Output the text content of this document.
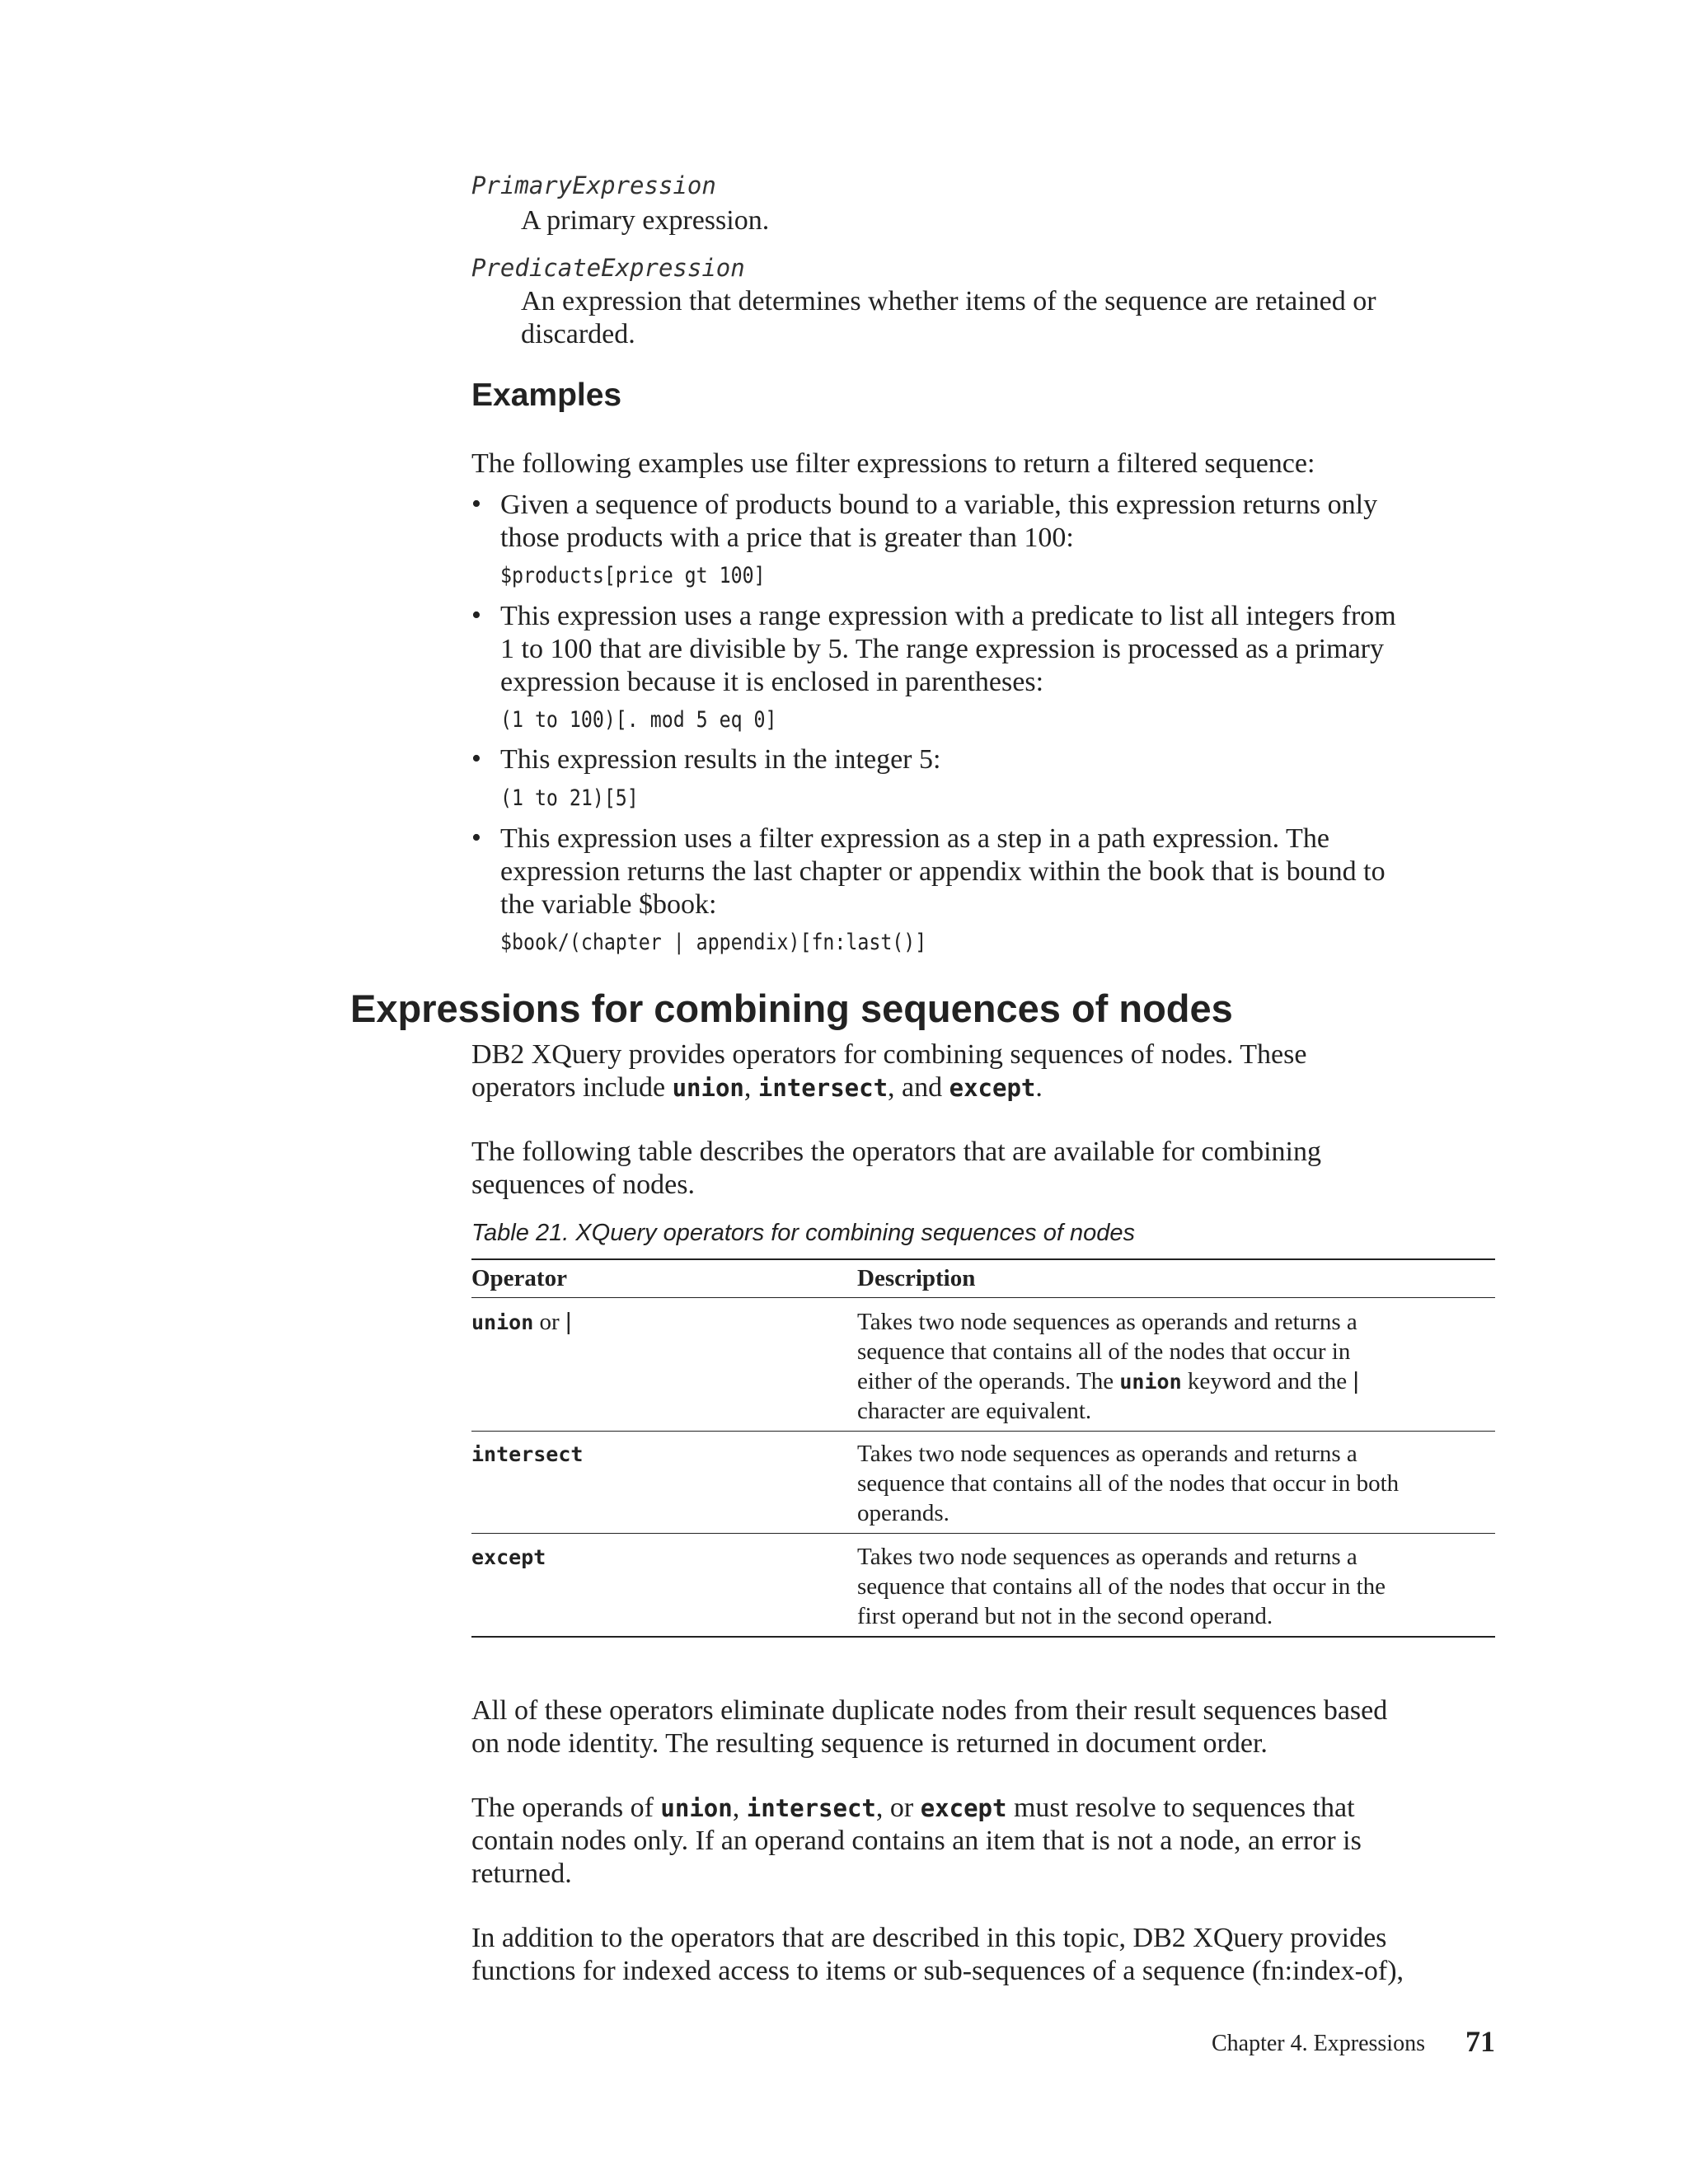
PrimaryExpression
A primary expression.
PredicateExpression
An expression that determines whether items of the sequence are retained or
discarded.
Examples
The following examples use filter expressions to return a filtered sequence:
• Given a sequence of products bound to a variable, this expression returns only
those products with a price that is greater than 100:
$products[price gt 100]
• This expression uses a range expression with a predicate to list all integers from
1 to 100 that are divisible by 5. The range expression is processed as a primary
expression because it is enclosed in parentheses:
(1 to 100)[. mod 5 eq 0]
• This expression results in the integer 5:
(1 to 21)[5]
• This expression uses a filter expression as a step in a path expression. The
expression returns the last chapter or appendix within the book that is bound to
the variable $book:
$book/(chapter | appendix)[fn:last()]
Expressions for combining sequences of nodes
DB2 XQuery provides operators for combining sequences of nodes. These
operators include union, intersect, and except.
The following table describes the operators that are available for combining
sequences of nodes.
Table 21. XQuery operators for combining sequences of nodes
Operator	Description
union or |	Takes two node sequences as operands and returns a
sequence that contains all of the nodes that occur in
either of the operands. The union keyword and the |
character are equivalent.
intersect	Takes two node sequences as operands and returns a
sequence that contains all of the nodes that occur in both
operands.
except	Takes two node sequences as operands and returns a
sequence that contains all of the nodes that occur in the
first operand but not in the second operand.
All of these operators eliminate duplicate nodes from their result sequences based
on node identity. The resulting sequence is returned in document order.
The operands of union, intersect, or except must resolve to sequences that
contain nodes only. If an operand contains an item that is not a node, an error is
returned.
In addition to the operators that are described in this topic, DB2 XQuery provides
functions for indexed access to items or sub-sequences of a sequence (fn:index-of),
Chapter 4. Expressions 71
